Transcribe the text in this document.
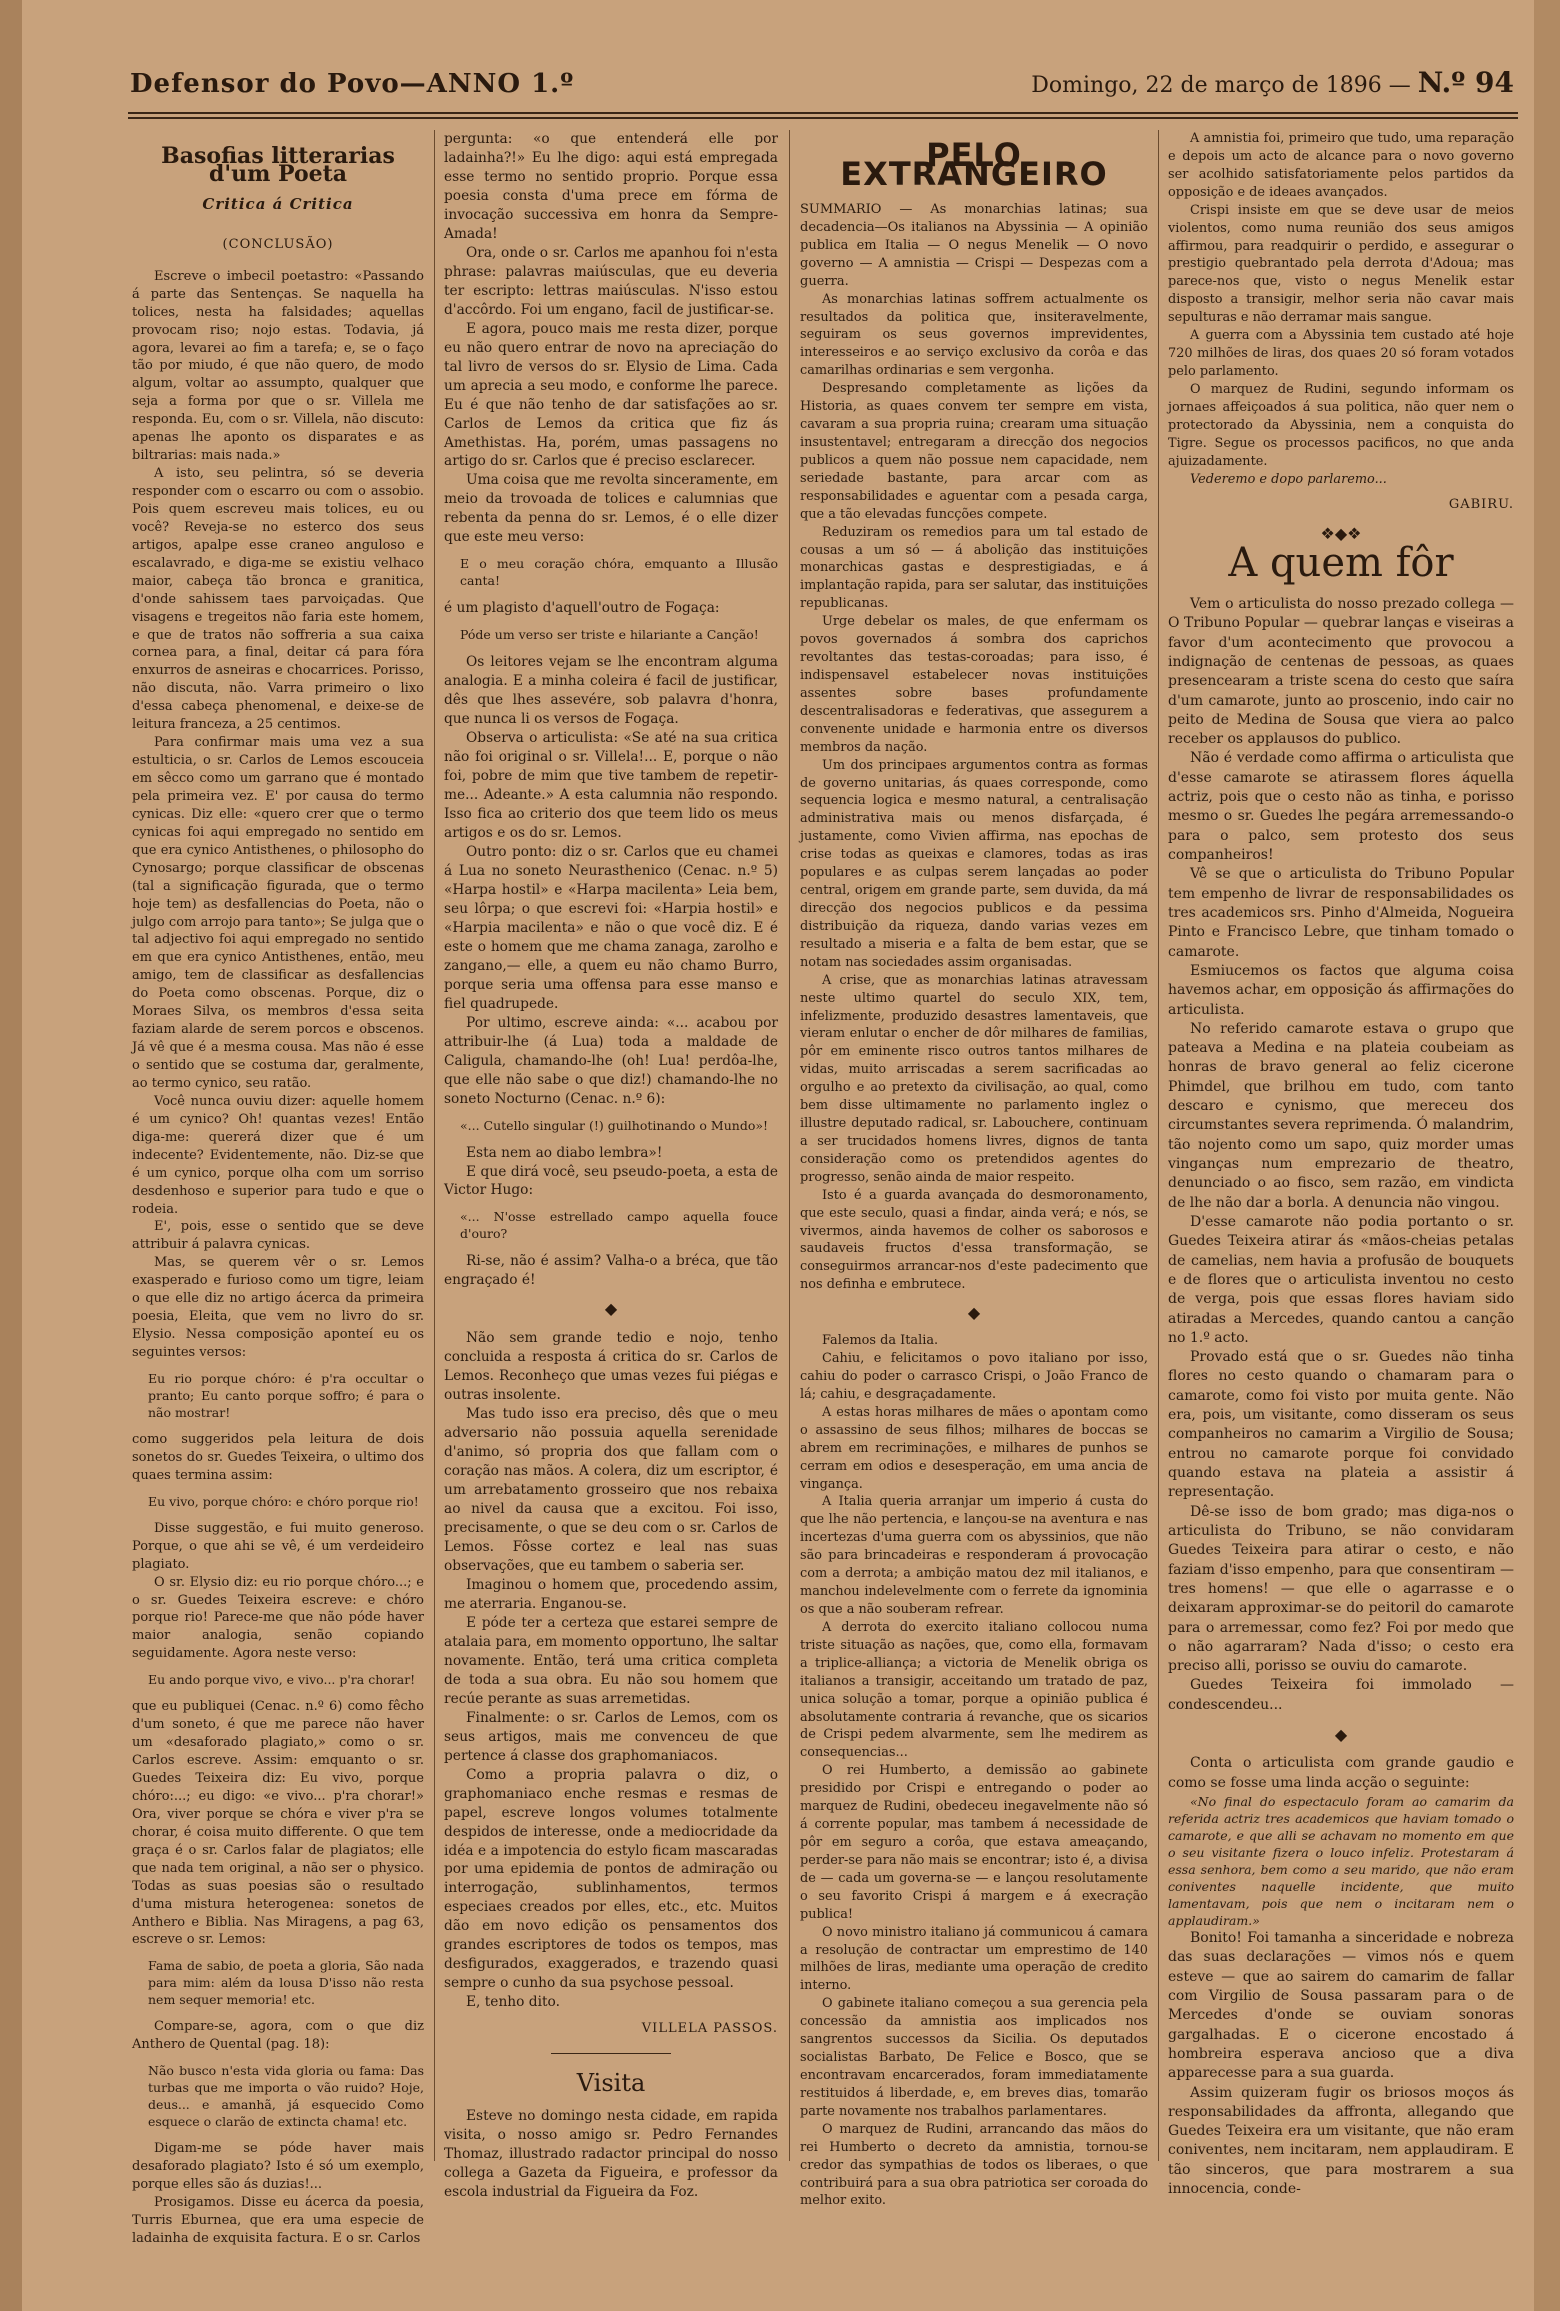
Defensor do Povo—ANNO 1.º	Domingo, 22 de março de 1896 — N.º 94
Basofias litterarias d'um Poeta
Critica á Critica
(CONCLUSÃO)

Escreve o imbecil poetastro: «Passando á parte das Sentenças. Se naquella ha tolices, nesta ha falsidades; aquellas provocam riso; nojo estas. Todavia, já agora, levarei ao fim a tarefa; e, se o faço tão por miudo, é que não quero, de modo algum, voltar ao assumpto, qualquer que seja a forma por que o sr. Villela me responda. Eu, com o sr. Villela, não discuto: apenas lhe aponto os disparates e as biltrarias: mais nada.»

A isto, seu pelintra, só se deveria responder com o escarro ou com o assobio. Pois quem escreveu mais tolices, eu ou você? Reveja-se no esterco dos seus artigos, apalpe esse craneo anguloso e escalavrado, e diga-me se existiu velhaco maior, cabeça tão bronca e granitica, d'onde sahissem taes parvoiçadas. Que visagens e tregeitos não faria este homem, e que de tratos não soffreria a sua caixa cornea para, a final, deitar cá para fóra enxurros de asneiras e chocarrices. Porisso, não discuta, não. Varra primeiro o lixo d'essa cabeça phenomenal, e deixe-se de leitura franceza, a 25 centimos.

Para confirmar mais uma vez a sua estulticia, o sr. Carlos de Lemos escouceia em sêcco como um garrano que é montado pela primeira vez. E' por causa do termo cynicas. Diz elle: «quero crer que o termo cynicas foi aqui empregado no sentido em que era cynico Antisthenes, o philosopho do Cynosargo; porque classificar de obscenas (tal a significação figurada, que o termo hoje tem) as desfallencias do Poeta, não o julgo com arrojo para tanto»; Se julga que o tal adjectivo foi aqui empregado no sentido em que era cynico Antisthenes, então, meu amigo, tem de classificar as desfallencias do Poeta como obscenas. Porque, diz o Moraes Silva, os membros d'essa seita faziam alarde de serem porcos e obscenos. Já vê que é a mesma cousa. Mas não é esse o sentido que se costuma dar, geralmente, ao termo cynico, seu ratão.

Você nunca ouviu dizer: aquelle homem é um cynico? Oh! quantas vezes! Então diga-me: quererá dizer que é um indecente? Evidentemente, não. Diz-se que é um cynico, porque olha com um sorriso desdenhoso e superior para tudo e que o rodeia.

E', pois, esse o sentido que se deve attribuir á palavra cynicas.

Mas, se querem vêr o sr. Lemos exasperado e furioso como um tigre, leiam o que elle diz no artigo ácerca da primeira poesia, Eleita, que vem no livro do sr. Elysio. Nessa composição aponteí eu os seguintes versos:

Eu rio porque chóro: é p'ra occultar o pranto; Eu canto porque soffro; é para o não mostrar!

como suggeridos pela leitura de dois sonetos do sr. Guedes Teixeira, o ultimo dos quaes termina assim:

Eu vivo, porque chóro: e chóro porque rio!

Disse suggestão, e fui muito generoso. Porque, o que ahi se vê, é um verdeideiro plagiato.

O sr. Elysio diz: eu rio porque chóro...; e o sr. Guedes Teixeira escreve: e chóro porque rio! Parece-me que não póde haver maior analogia, senão copiando seguidamente. Agora neste verso:

Eu ando porque vivo, e vivo... p'ra chorar!

que eu publiquei (Cenac. n.º 6) como fêcho d'um soneto, é que me parece não haver um «desaforado plagiato,» como o sr. Carlos escreve. Assim: emquanto o sr. Guedes Teixeira diz: Eu vivo, porque chóro:...; eu digo: «e vivo... p'ra chorar!» Ora, viver porque se chóra e viver p'ra se chorar, é coisa muito differente. O que tem graça é o sr. Carlos falar de plagiatos; elle que nada tem original, a não ser o physico. Todas as suas poesias são o resultado d'uma mistura heterogenea: sonetos de Anthero e Biblia. Nas Miragens, a pag 63, escreve o sr. Lemos:

Fama de sabio, de poeta a gloria, São nada para mim: além da lousa D'isso não resta nem sequer memoria! etc.

Compare-se, agora, com o que diz Anthero de Quental (pag. 18):

Não busco n'esta vida gloria ou fama: Das turbas que me importa o vão ruido? Hoje, deus... e amanhã, já esquecido Como esquece o clarão de extincta chama! etc.

Digam-me se póde haver mais desaforado plagiato? Isto é só um exemplo, porque elles são ás duzias!...

Prosigamos. Disse eu ácerca da poesia, Turris Eburnea, que era uma especie de ladainha de exquisita factura. E o sr. Carlos

pergunta: «o que entenderá elle por ladainha?!» Eu lhe digo: aqui está empregada esse termo no sentido proprio. Porque essa poesia consta d'uma prece em fórma de invocação successiva em honra da Sempre-Amada!

Ora, onde o sr. Carlos me apanhou foi n'esta phrase: palavras maiúsculas, que eu deveria ter escripto: lettras maiúsculas. N'isso estou d'accôrdo. Foi um engano, facil de justificar-se.

E agora, pouco mais me resta dizer, porque eu não quero entrar de novo na apreciação do tal livro de versos do sr. Elysio de Lima. Cada um aprecia a seu modo, e conforme lhe parece. Eu é que não tenho de dar satisfações ao sr. Carlos de Lemos da critica que fiz ás Amethistas. Ha, porém, umas passagens no artigo do sr. Carlos que é preciso esclarecer.

Uma coisa que me revolta sinceramente, em meio da trovoada de tolices e calumnias que rebenta da penna do sr. Lemos, é o elle dizer que este meu verso:

E o meu coração chóra, emquanto a Illusão canta!

é um plagisto d'aquell'outro de Fogaça:

Póde um verso ser triste e hilariante a Canção!

Os leitores vejam se lhe encontram alguma analogia. E a minha coleira é facil de justificar, dês que lhes assevére, sob palavra d'honra, que nunca li os versos de Fogaça.

Observa o articulista: «Se até na sua critica não foi original o sr. Villela!... E, porque o não foi, pobre de mim que tive tambem de repetir-me... Adeante.» A esta calumnia não respondo. Isso fica ao criterio dos que teem lido os meus artigos e os do sr. Lemos.

Outro ponto: diz o sr. Carlos que eu chamei á Lua no soneto Neurasthenico (Cenac. n.º 5) «Harpa hostil» e «Harpa macilenta» Leia bem, seu lôrpa; o que escrevi foi: «Harpia hostil» e «Harpia macilenta» e não o que você diz. E é este o homem que me chama zanaga, zarolho e zangano,— elle, a quem eu não chamo Burro, porque seria uma offensa para esse manso e fiel quadrupede.

Por ultimo, escreve ainda: «... acabou por attribuir-lhe (á Lua) toda a maldade de Caligula, chamando-lhe (oh! Lua! perdôa-lhe, que elle não sabe o que diz!) chamando-lhe no soneto Nocturno (Cenac. n.º 6):

«... Cutello singular (!) guilhotinando o Mundo»!

Esta nem ao diabo lembra»!

E que dirá você, seu pseudo-poeta, a esta de Victor Hugo:

«... N'osse estrellado campo aquella fouce d'ouro?

Ri-se, não é assim? Valha-o a bréca, que tão engraçado é!

◆

Não sem grande tedio e nojo, tenho concluida a resposta á critica do sr. Carlos de Lemos. Reconheço que umas vezes fui piégas e outras insolente.

Mas tudo isso era preciso, dês que o meu adversario não possuia aquella serenidade d'animo, só propria dos que fallam com o coração nas mãos. A colera, diz um escriptor, é um arrebatamento grosseiro que nos rebaixa ao nivel da causa que a excitou. Foi isso, precisamente, o que se deu com o sr. Carlos de Lemos. Fôsse cortez e leal nas suas observações, que eu tambem o saberia ser.

Imaginou o homem que, procedendo assim, me aterraria. Enganou-se.

E póde ter a certeza que estarei sempre de atalaia para, em momento opportuno, lhe saltar novamente. Então, terá uma critica completa de toda a sua obra. Eu não sou homem que recúe perante as suas arremetidas.

Finalmente: o sr. Carlos de Lemos, com os seus artigos, mais me convenceu de que pertence á classe dos graphomaniacos.

Como a propria palavra o diz, o graphomaniaco enche resmas e resmas de papel, escreve longos volumes totalmente despidos de interesse, onde a mediocridade da idéa e a impotencia do estylo ficam mascaradas por uma epidemia de pontos de admiração ou interrogação, sublinhamentos, termos especiaes creados por elles, etc., etc. Muitos dão em novo edição os pensamentos dos grandes escriptores de todos os tempos, mas desfigurados, exaggerados, e trazendo quasi sempre o cunho da sua psychose pessoal.

E, tenho dito.

VILLELA PASSOS.
Visita

Esteve no domingo nesta cidade, em rapida visita, o nosso amigo sr. Pedro Fernandes Thomaz, illustrado radactor principal do nosso collega a Gazeta da Figueira, e professor da escola industrial da Figueira da Foz.

PELO EXTRANGEIRO

SUMMARIO — As monarchias latinas; sua decadencia—Os italianos na Abyssinia — A opinião publica em Italia — O negus Menelik — O novo governo — A amnistia — Crispi — Despezas com a guerra.

As monarchias latinas soffrem actualmente os resultados da politica que, insiteravelmente, seguiram os seus governos imprevidentes, interesseiros e ao serviço exclusivo da corôa e das camarilhas ordinarias e sem vergonha.

Despresando completamente as lições da Historia, as quaes convem ter sempre em vista, cavaram a sua propria ruina; crearam uma situação insustentavel; entregaram a direcção dos negocios publicos a quem não possue nem capacidade, nem seriedade bastante, para arcar com as responsabilidades e aguentar com a pesada carga, que a tão elevadas funcções compete.

Reduziram os remedios para um tal estado de cousas a um só — á abolição das instituições monarchicas gastas e desprestigiadas, e á implantação rapida, para ser salutar, das instituições republicanas.

Urge debelar os males, de que enfermam os povos governados á sombra dos caprichos revoltantes das testas-coroadas; para isso, é indispensavel estabelecer novas instituições assentes sobre bases profundamente descentralisadoras e federativas, que assegurem a convenente unidade e harmonia entre os diversos membros da nação.

Um dos principaes argumentos contra as formas de governo unitarias, ás quaes corresponde, como sequencia logica e mesmo natural, a centralisação administrativa mais ou menos disfarçada, é justamente, como Vivien affirma, nas epochas de crise todas as queixas e clamores, todas as iras populares e as culpas serem lançadas ao poder central, origem em grande parte, sem duvida, da má direcção dos negocios publicos e da pessima distribuição da riqueza, dando varias vezes em resultado a miseria e a falta de bem estar, que se notam nas sociedades assim organisadas.

A crise, que as monarchias latinas atravessam neste ultimo quartel do seculo XIX, tem, infelizmente, produzido desastres lamentaveis, que vieram enlutar o encher de dôr milhares de familias, pôr em eminente risco outros tantos milhares de vidas, muito arriscadas a serem sacrificadas ao orgulho e ao pretexto da civilisação, ao qual, como bem disse ultimamente no parlamento inglez o illustre deputado radical, sr. Labouchere, continuam a ser trucidados homens livres, dignos de tanta consideração como os pretendidos agentes do progresso, senão ainda de maior respeito.

Isto é a guarda avançada do desmoronamento, que este seculo, quasi a findar, ainda verá; e nós, se vivermos, ainda havemos de colher os saborosos e saudaveis fructos d'essa transformação, se conseguirmos arrancar-nos d'este padecimento que nos definha e embrutece.

◆

Falemos da Italia.

Cahiu, e felicitamos o povo italiano por isso, cahiu do poder o carrasco Crispi, o João Franco de lá; cahiu, e desgraçadamente.

A estas horas milhares de mães o apontam como o assassino de seus filhos; milhares de boccas se abrem em recriminações, e milhares de punhos se cerram em odios e desesperação, em uma ancia de vingança.

A Italia queria arranjar um imperio á custa do que lhe não pertencia, e lançou-se na aventura e nas incertezas d'uma guerra com os abyssinios, que não são para brincadeiras e responderam á provocação com a derrota; a ambição matou dez mil italianos, e manchou indelevelmente com o ferrete da ignominia os que a não souberam refrear.

A derrota do exercito italiano collocou numa triste situação as nações, que, como ella, formavam a triplice-alliança; a victoria de Menelik obriga os italianos a transigir, acceitando um tratado de paz, unica solução a tomar, porque a opinião publica é absolutamente contraria á revanche, que os sicarios de Crispi pedem alvarmente, sem lhe medirem as consequencias...

O rei Humberto, a demissão ao gabinete presidido por Crispi e entregando o poder ao marquez de Rudini, obedeceu inegavelmente não só á corrente popular, mas tambem á necessidade de pôr em seguro a corôa, que estava ameaçando, perder-se para não mais se encontrar; isto é, a divisa de — cada um governa-se — e lançou resolutamente o seu favorito Crispi á margem e á execração publica!

O novo ministro italiano já communicou á camara a resolução de contractar um emprestimo de 140 milhões de liras, mediante uma operação de credito interno.

O gabinete italiano começou a sua gerencia pela concessão da amnistia aos implicados nos sangrentos successos da Sicilia. Os deputados socialistas Barbato, De Felice e Bosco, que se encontravam encarcerados, foram immediatamente restituidos á liberdade, e, em breves dias, tomarão parte novamente nos trabalhos parlamentares.

O marquez de Rudini, arrancando das mãos do rei Humberto o decreto da amnistia, tornou-se credor das sympathias de todos os liberaes, o que contribuirá para a sua obra patriotica ser coroada do melhor exito.

A amnistia foi, primeiro que tudo, uma reparação e depois um acto de alcance para o novo governo ser acolhido satisfatoriamente pelos partidos da opposição e de ideaes avançados.

Crispi insiste em que se deve usar de meios violentos, como numa reunião dos seus amigos affirmou, para readquirir o perdido, e assegurar o prestigio quebrantado pela derrota d'Adoua; mas parece-nos que, visto o negus Menelik estar disposto a transigir, melhor seria não cavar mais sepulturas e não derramar mais sangue.

A guerra com a Abyssinia tem custado até hoje 720 milhões de liras, dos quaes 20 só foram votados pelo parlamento.

O marquez de Rudini, segundo informam os jornaes affeiçoados á sua politica, não quer nem o protectorado da Abyssinia, nem a conquista do Tigre. Segue os processos pacificos, no que anda ajuizadamente.

Vederemo e dopo parlaremo...

GABIRU.
❖◆❖
A quem fôr

Vem o articulista do nosso prezado collega — O Tribuno Popular — quebrar lanças e viseiras a favor d'um acontecimento que provocou a indignação de centenas de pessoas, as quaes presencearam a triste scena do cesto que saíra d'um camarote, junto ao proscenio, indo cair no peito de Medina de Sousa que viera ao palco receber os applausos do publico.

Não é verdade como affirma o articulista que d'esse camarote se atirassem flores áquella actriz, pois que o cesto não as tinha, e porisso mesmo o sr. Guedes lhe pegára arremessando-o para o palco, sem protesto dos seus companheiros!

Vê se que o articulista do Tribuno Popular tem empenho de livrar de responsabilidades os tres academicos srs. Pinho d'Almeida, Nogueira Pinto e Francisco Lebre, que tinham tomado o camarote.

Esmiucemos os factos que alguma coisa havemos achar, em opposição ás affirmações do articulista.

No referido camarote estava o grupo que pateava a Medina e na plateia coubeiam as honras de bravo general ao feliz cicerone Phimdel, que brilhou em tudo, com tanto descaro e cynismo, que mereceu dos circumstantes severa reprimenda. Ó malandrim, tão nojento como um sapo, quiz morder umas vinganças num emprezario de theatro, denunciado o ao fisco, sem razão, em vindicta de lhe não dar a borla. A denuncia não vingou.

D'esse camarote não podia portanto o sr. Guedes Teixeira atirar ás «mãos-cheias petalas de camelias, nem havia a profusão de bouquets e de flores que o articulista inventou no cesto de verga, pois que essas flores haviam sido atiradas a Mercedes, quando cantou a canção no 1.º acto.

Provado está que o sr. Guedes não tinha flores no cesto quando o chamaram para o camarote, como foi visto por muita gente. Não era, pois, um visitante, como disseram os seus companheiros no camarim a Virgilio de Sousa; entrou no camarote porque foi convidado quando estava na plateia a assistir á representação.

Dê-se isso de bom grado; mas diga-nos o articulista do Tribuno, se não convidaram Guedes Teixeira para atirar o cesto, e não faziam d'isso empenho, para que consentiram — tres homens! — que elle o agarrasse e o deixaram approximar-se do peitoril do camarote para o arremessar, como fez? Foi por medo que o não agarraram? Nada d'isso; o cesto era preciso alli, porisso se ouviu do camarote.

Guedes Teixeira foi immolado — condescendeu...

◆

Conta o articulista com grande gaudio e como se fosse uma linda acção o seguinte:

«No final do espectaculo foram ao camarim da referida actriz tres academicos que haviam tomado o camarote, e que alli se achavam no momento em que o seu visitante fizera o louco infeliz. Protestaram á essa senhora, bem como a seu marido, que não eram coniventes naquelle incidente, que muito lamentavam, pois que nem o incitaram nem o applaudiram.»

Bonito! Foi tamanha a sinceridade e nobreza das suas declarações — vimos nós e quem esteve — que ao sairem do camarim de fallar com Virgilio de Sousa passaram para o de Mercedes d'onde se ouviam sonoras gargalhadas. E o cicerone encostado á hombreira esperava ancioso que a diva apparecesse para a sua guarda.

Assim quizeram fugir os briosos moços ás responsabilidades da affronta, allegando que Guedes Teixeira era um visitante, que não eram coniventes, nem incitaram, nem applaudiram. E tão sinceros, que para mostrarem a sua innocencia, conde-
